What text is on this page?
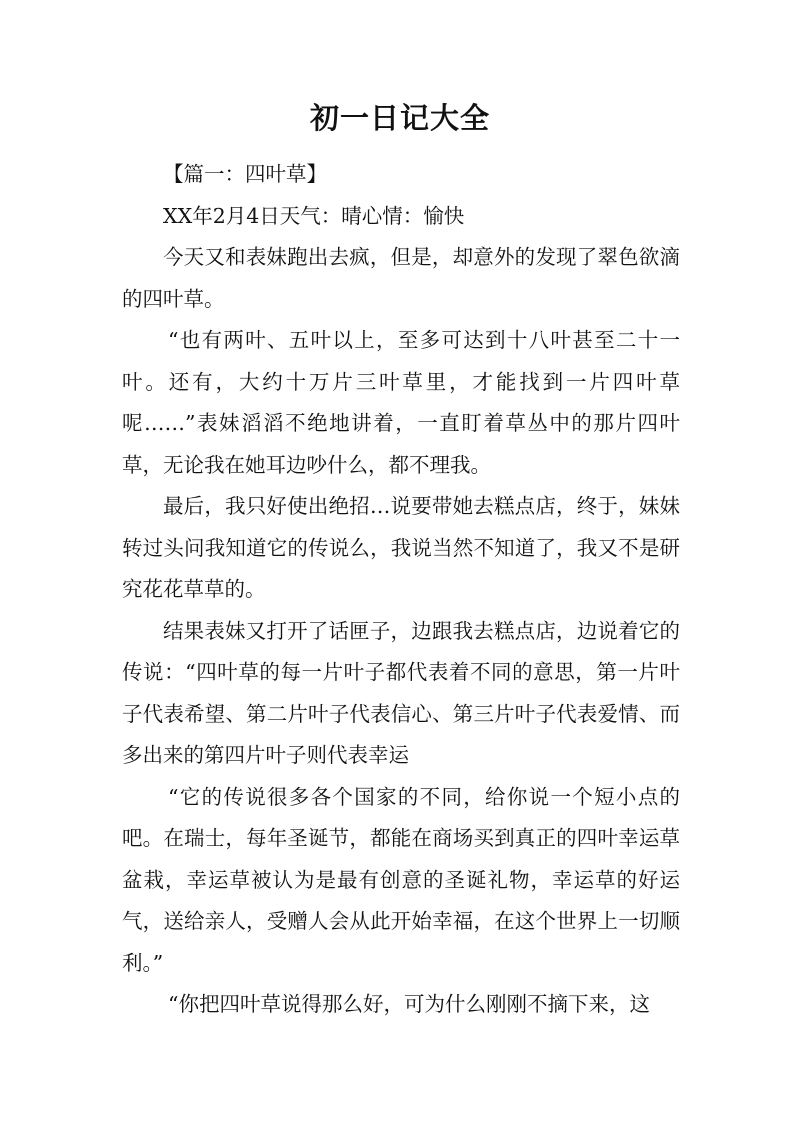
初一日记大全

【篇一：四叶草】

XX年2月4日天气：晴心情：愉快

今天又和表妹跑出去疯，但是，却意外的发现了翠色欲滴的四叶草。

“也有两叶、五叶以上，至多可达到十八叶甚至二十一叶。还有，大约十万片三叶草里，才能找到一片四叶草呢……”表妹滔滔不绝地讲着，一直盯着草丛中的那片四叶草，无论我在她耳边吵什么，都不理我。

最后，我只好使出绝招…说要带她去糕点店，终于，妹妹转过头问我知道它的传说么，我说当然不知道了，我又不是研究花花草草的。

结果表妹又打开了话匣子，边跟我去糕点店，边说着它的传说：“四叶草的每一片叶子都代表着不同的意思，第一片叶子代表希望、第二片叶子代表信心、第三片叶子代表爱情、而多出来的第四片叶子则代表幸运

“它的传说很多各个国家的不同，给你说一个短小点的吧。在瑞士，每年圣诞节，都能在商场买到真正的四叶幸运草盆栽，幸运草被认为是最有创意的圣诞礼物，幸运草的好运气，送给亲人，受赠人会从此开始幸福，在这个世界上一切顺利。”

“你把四叶草说得那么好，可为什么刚刚不摘下来，这
